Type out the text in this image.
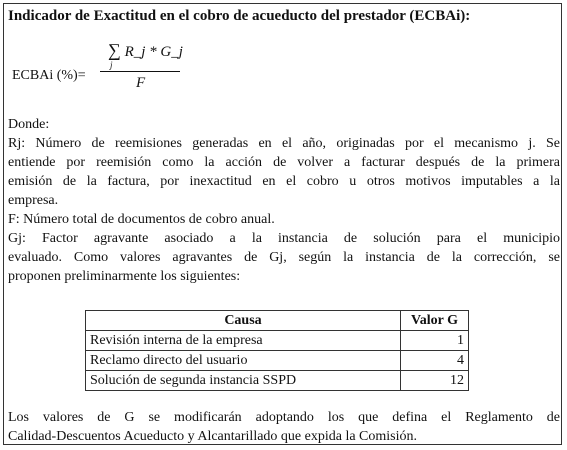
Indicador de Exactitud en el cobro de acueducto del prestador (ECBAi):
ECBAi (%)=
∑ R_j * G_j
j
F
Donde:
Rj: Número de reemisiones generadas en el año, originadas por el mecanismo j. Se
entiende por reemisión como la acción de volver a facturar después de la primera
emisión de la factura, por inexactitud en el cobro u otros motivos imputables a la
empresa.
F: Número total de documentos de cobro anual.
Gj: Factor agravante asociado a la instancia de solución para el municipio
evaluado. Como valores agravantes de Gj, según la instancia de la corrección, se
proponen preliminarmente los siguientes:
Causa	Valor G
Revisión interna de la empresa	1
Reclamo directo del usuario	4
Solución de segunda instancia SSPD	12
Los valores de G se modificarán adoptando los que defina el Reglamento de
Calidad-Descuentos Acueducto y Alcantarillado que expida la Comisión.
